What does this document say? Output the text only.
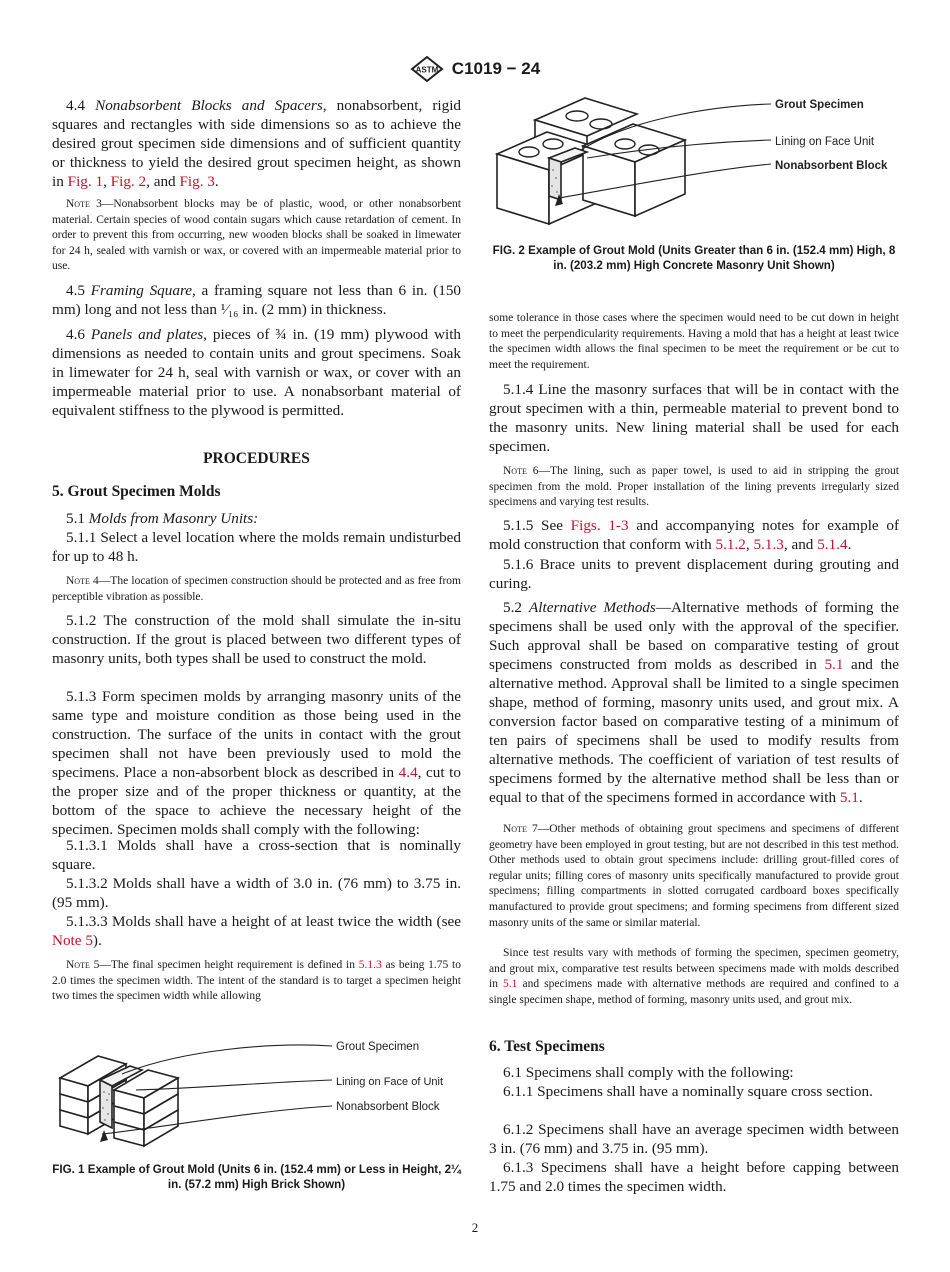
ASTM C1019 − 24

4.4 Nonabsorbent Blocks and Spacers, nonabsorbent, rigid squares and rectangles with side dimensions so as to achieve the desired grout specimen side dimensions and of sufficient quantity or thickness to yield the desired grout specimen height, as shown in Fig. 1, Fig. 2, and Fig. 3.

Note 3—Nonabsorbent blocks may be of plastic, wood, or other nonabsorbent material. Certain species of wood contain sugars which cause retardation of cement. In order to prevent this from occurring, new wooden blocks shall be soaked in limewater for 24 h, sealed with varnish or wax, or covered with an impermeable material prior to use.

4.5 Framing Square, a framing square not less than 6 in. (150 mm) long and not less than ¹⁄₁₆ in. (2 mm) in thickness.

4.6 Panels and plates, pieces of ¾ in. (19 mm) plywood with dimensions as needed to contain units and grout specimens. Soak in limewater for 24 h, seal with varnish or wax, or cover with an impermeable material prior to use. A nonabsorbant material of equivalent stiffness to the plywood is permitted.

PROCEDURES
5. Grout Specimen Molds

5.1 Molds from Masonry Units:

5.1.1 Select a level location where the molds remain undisturbed for up to 48 h.

Note 4—The location of specimen construction should be protected and as free from perceptible vibration as possible.

5.1.2 The construction of the mold shall simulate the in-situ construction. If the grout is placed between two different types of masonry units, both types shall be used to construct the mold.

5.1.3 Form specimen molds by arranging masonry units of the same type and moisture condition as those being used in the construction. The surface of the units in contact with the grout specimen shall not have been previously used to mold the specimens. Place a non-absorbent block as described in 4.4, cut to the proper size and of the proper thickness or quantity, at the bottom of the space to achieve the necessary height of the specimen. Specimen molds shall comply with the following:

5.1.3.1 Molds shall have a cross-section that is nominally square.

5.1.3.2 Molds shall have a width of 3.0 in. (76 mm) to 3.75 in. (95 mm).

5.1.3.3 Molds shall have a height of at least twice the width (see Note 5).

Note 5—The final specimen height requirement is defined in 5.1.3 as being 1.75 to 2.0 times the specimen width. The intent of the standard is to target a specimen height two times the specimen width while allowing

Grout Specimen
Lining on Face of Unit
Nonabsorbent Block
FIG. 1 Example of Grout Mold (Units 6 in. (152.4 mm) or Less in Height, 2¼ in. (57.2 mm) High Brick Shown)
Grout Specimen
Lining on Face Unit
Nonabsorbent Block
FIG. 2 Example of Grout Mold (Units Greater than 6 in. (152.4 mm) High, 8 in. (203.2 mm) High Concrete Masonry Unit Shown)

some tolerance in those cases where the specimen would need to be cut down in height to meet the perpendicularity requirements. Having a mold that has a height at least twice the specimen width allows the final specimen to be meet the requirement or be cut to meet the requirement.

5.1.4 Line the masonry surfaces that will be in contact with the grout specimen with a thin, permeable material to prevent bond to the masonry units. New lining material shall be used for each specimen.

Note 6—The lining, such as paper towel, is used to aid in stripping the grout specimen from the mold. Proper installation of the lining prevents irregularly sized specimens and varying test results.

5.1.5 See Figs. 1-3 and accompanying notes for example of mold construction that conform with 5.1.2, 5.1.3, and 5.1.4.

5.1.6 Brace units to prevent displacement during grouting and curing.

5.2 Alternative Methods—Alternative methods of forming the specimens shall be used only with the approval of the specifier. Such approval shall be based on comparative testing of grout specimens constructed from molds as described in 5.1 and the alternative method. Approval shall be limited to a single specimen shape, method of forming, masonry units used, and grout mix. A conversion factor based on comparative testing of a minimum of ten pairs of specimens shall be used to modify results from alternative methods. The coefficient of variation of test results of specimens formed by the alternative method shall be less than or equal to that of the specimens formed in accordance with 5.1.

Note 7—Other methods of obtaining grout specimens and specimens of different geometry have been employed in grout testing, but are not described in this test method. Other methods used to obtain grout specimens include: drilling grout-filled cores of regular units; filling cores of masonry units specifically manufactured to provide grout specimens; filling compartments in slotted corrugated cardboard boxes specifically manufactured to provide grout specimens; and forming specimens from different sized masonry units of the same or similar material.

Since test results vary with methods of forming the specimen, specimen geometry, and grout mix, comparative test results between specimens made with molds described in 5.1 and specimens made with alternative methods are required and confined to a single specimen shape, method of forming, masonry units used, and grout mix.

6. Test Specimens

6.1 Specimens shall comply with the following:

6.1.1 Specimens shall have a nominally square cross section.

6.1.2 Specimens shall have an average specimen width between 3 in. (76 mm) and 3.75 in. (95 mm).

6.1.3 Specimens shall have a height before capping between 1.75 and 2.0 times the specimen width.

2
